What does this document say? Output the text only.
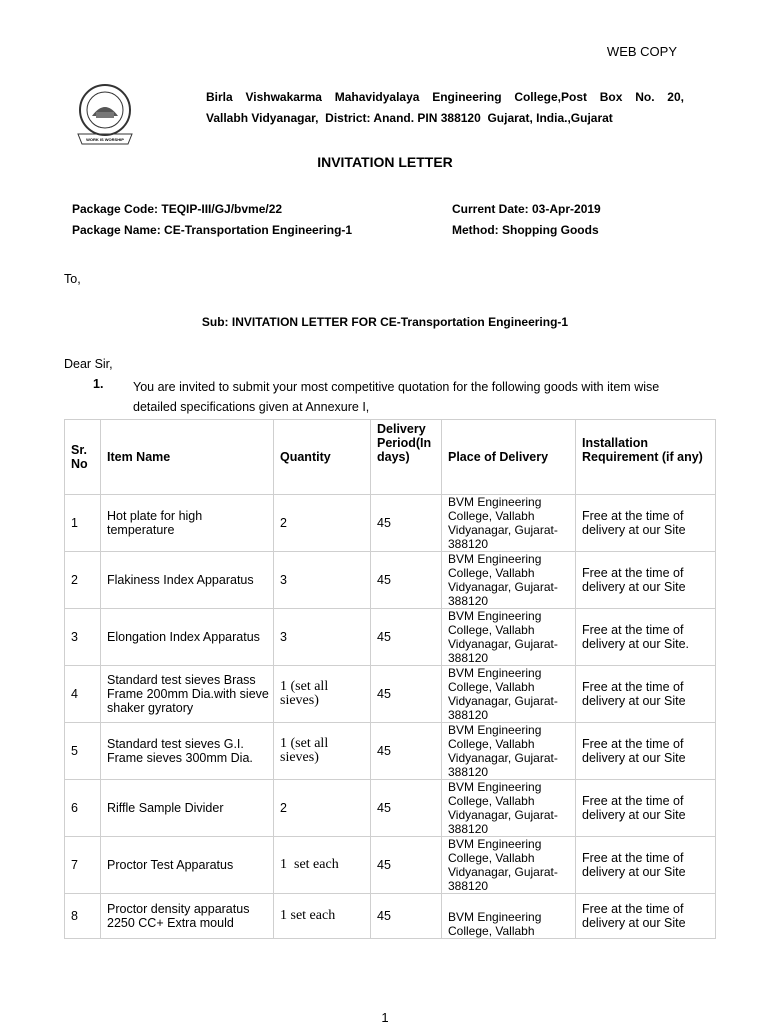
WEB COPY
WORK IS WORSHIP
Birla Vishwakarma Mahavidyalaya Engineering College,Post Box No. 20,
Vallabh Vidyanagar,  District: Anand. PIN 388120  Gujarat, India.,Gujarat
INVITATION LETTER
Package Code: TEQIP-III/GJ/bvme/22
Package Name: CE-Transportation Engineering-1
Current Date: 03-Apr-2019
Method: Shopping Goods
To,
Sub: INVITATION LETTER FOR CE-Transportation Engineering-1
Dear Sir,
1. You are invited to submit your most competitive quotation for the following goods with item wise
detailed specifications given at Annexure I,
Sr. No	Item Name	Quantity	Delivery Period(In days)	Place of Delivery	Installation Requirement (if any)
1	Hot plate for high temperature	2	45	BVM Engineering College, Vallabh Vidyanagar, Gujarat-388120	Free at the time of delivery at our Site
2	Flakiness Index Apparatus	3	45	BVM Engineering College, Vallabh Vidyanagar, Gujarat-388120	Free at the time of delivery at our Site
3	Elongation Index Apparatus	3	45	BVM Engineering College, Vallabh Vidyanagar, Gujarat-388120	Free at the time of delivery at our Site.
4	Standard test sieves Brass Frame 200mm Dia.with sieve shaker gyratory	1 (set all sieves)	45	BVM Engineering College, Vallabh Vidyanagar, Gujarat-388120	Free at the time of delivery at our Site
5	Standard test sieves G.I. Frame sieves 300mm Dia.	1 (set all sieves)	45	BVM Engineering College, Vallabh Vidyanagar, Gujarat-388120	Free at the time of delivery at our Site
6	Riffle Sample Divider	2	45	BVM Engineering College, Vallabh Vidyanagar, Gujarat-388120	Free at the time of delivery at our Site
7	Proctor Test Apparatus	1  set each	45	BVM Engineering College, Vallabh Vidyanagar, Gujarat-388120	Free at the time of delivery at our Site
8	Proctor density apparatus 2250 CC+ Extra mould	1 set each	45	BVM Engineering College, Vallabh	Free at the time of delivery at our Site
1
